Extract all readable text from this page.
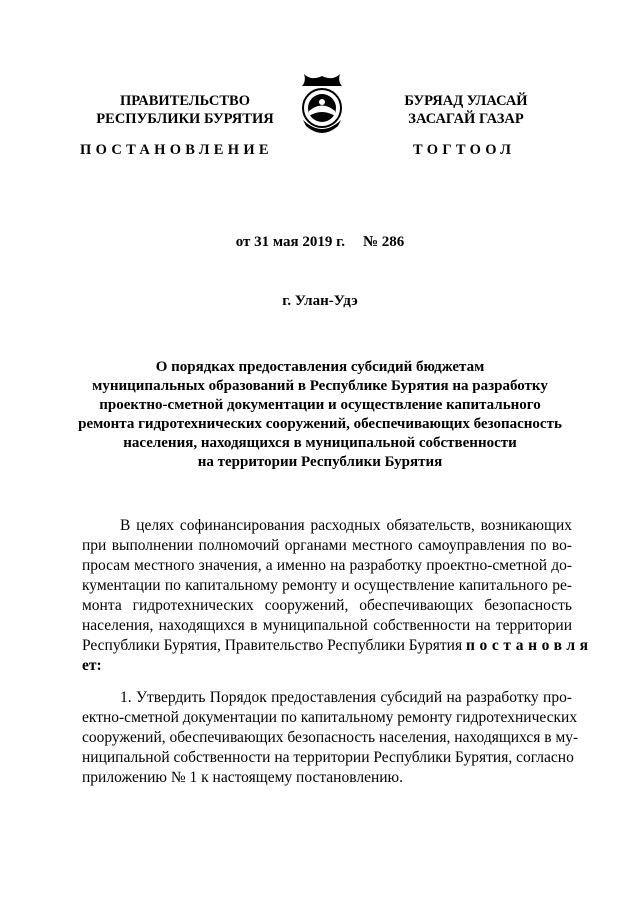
ПРАВИТЕЛЬСТВО
РЕСПУБЛИКИ БУРЯТИЯ
БУРЯАД УЛАСАЙ
ЗАСАГАЙ ГАЗАР
ПОСТАНОВЛЕНИЕ	ТОГТООЛ
от 31 мая 2019 г. № 286
г. Улан-Удэ
О порядках предоставления субсидий бюджетам
муниципальных образований в Республике Бурятия на разработку
проектно-сметной документации и осуществление капитального
ремонта гидротехнических сооружений, обеспечивающих безопасность
населения, находящихся в муниципальной собственности
на территории Республики Бурятия
В целях софинансирования расходных обязательств, возникающих
при выполнении полномочий органами местного самоуправления по во-
просам местного значения, а именно на разработку проектно-сметной до-
кументации по капитальному ремонту и осуществление капитального ре-
монта гидротехнических сооружений, обеспечивающих безопасность
населения, находящихся в муниципальной собственности на территории
Республики Бурятия, Правительство Республики Бурятия постановля
ет:
1. Утвердить Порядок предоставления субсидий на разработку про-
ектно-сметной документации по капитальному ремонту гидротехнических
сооружений, обеспечивающих безопасность населения, находящихся в му-
ниципальной собственности на территории Республики Бурятия, согласно
приложению № 1 к настоящему постановлению.
